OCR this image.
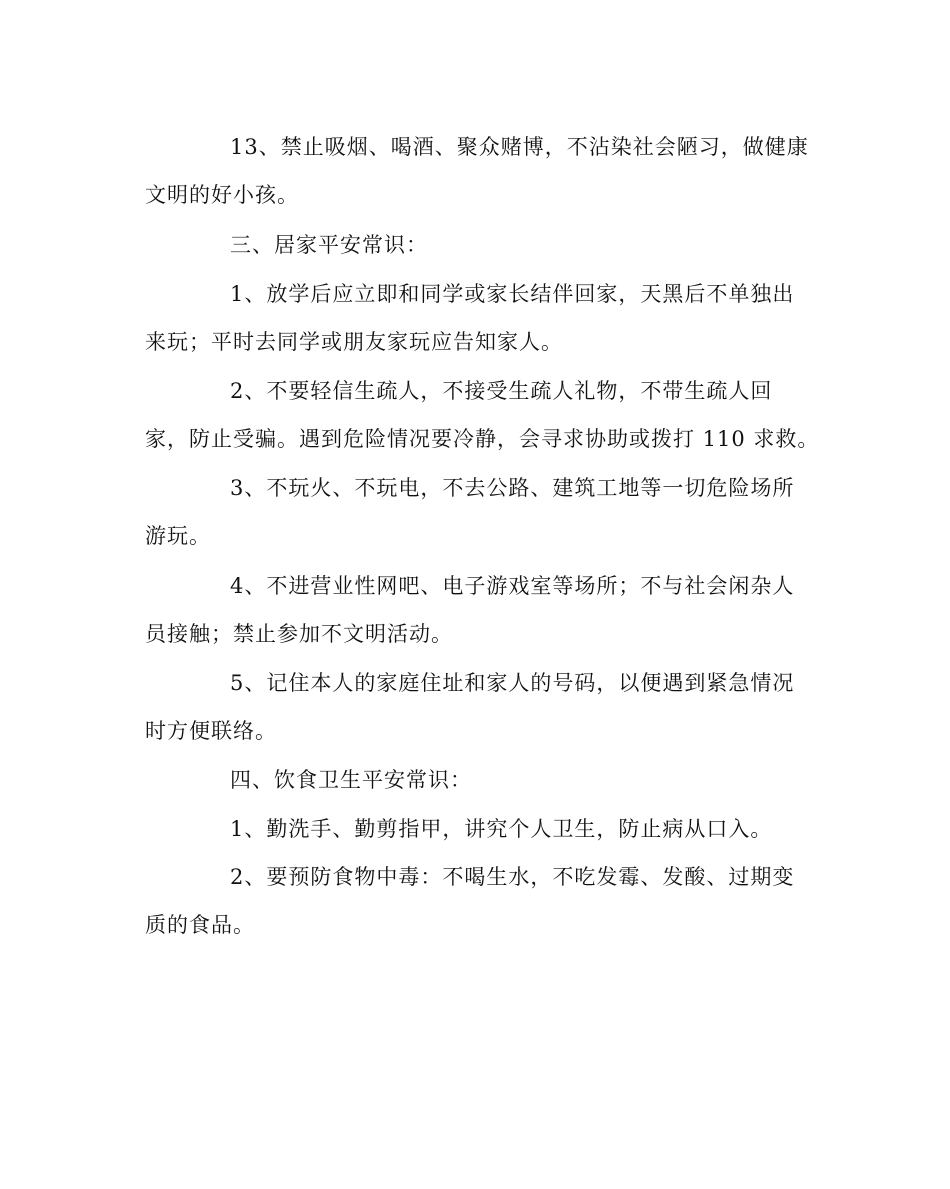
13、禁止吸烟、喝酒、聚众赌博，不沾染社会陋习，做健康
文明的好小孩。
三、居家平安常识：
1、放学后应立即和同学或家长结伴回家，天黑后不单独出
来玩；平时去同学或朋友家玩应告知家人。
2、不要轻信生疏人，不接受生疏人礼物，不带生疏人回
家，防止受骗。遇到危险情况要冷静，会寻求协助或拨打 110 求救。
3、不玩火、不玩电，不去公路、建筑工地等一切危险场所
游玩。
4、不进营业性网吧、电子游戏室等场所；不与社会闲杂人
员接触；禁止参加不文明活动。
5、记住本人的家庭住址和家人的号码，以便遇到紧急情况
时方便联络。
四、饮食卫生平安常识：
1、勤洗手、勤剪指甲，讲究个人卫生，防止病从口入。
2、要预防食物中毒：不喝生水，不吃发霉、发酸、过期变
质的食品。
